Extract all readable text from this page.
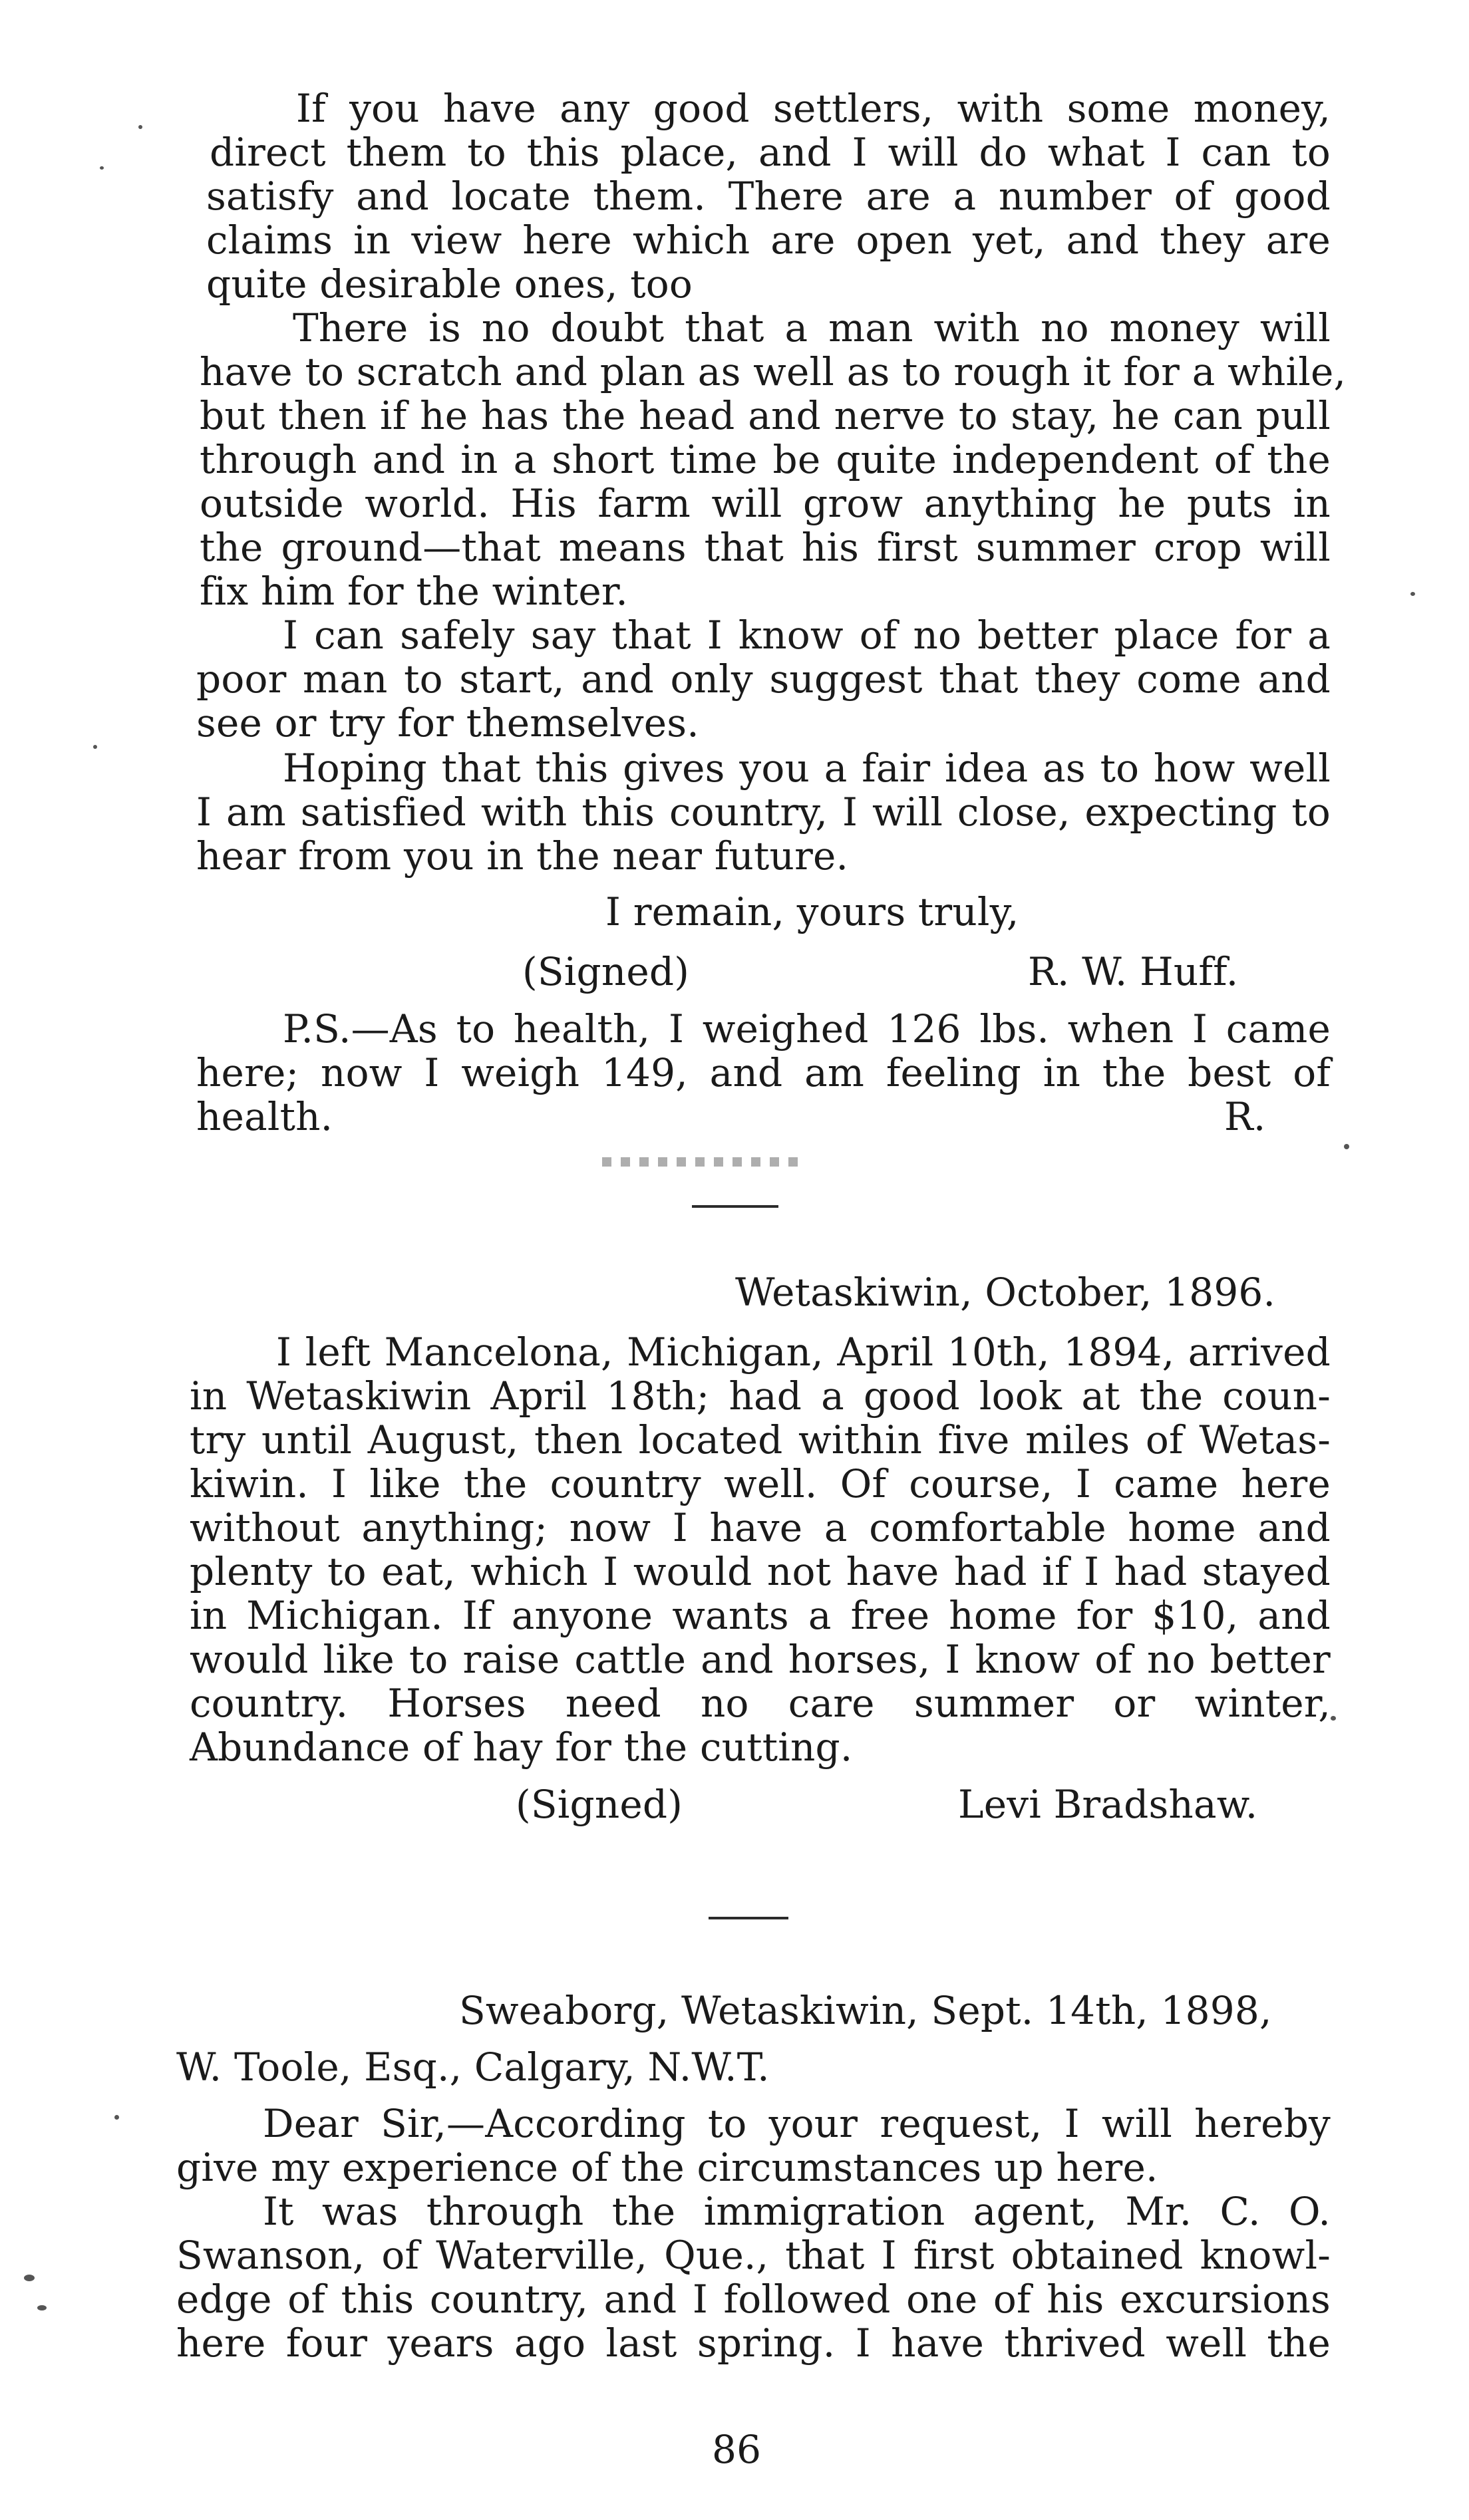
If you have any good settlers, with some money,
direct them to this place, and I will do what I can to
satisfy and locate them. There are a number of good
claims in view here which are open yet, and they are
quite desirable ones, too
There is no doubt that a man with no money will
have to scratch and plan as well as to rough it for a while,
but then if he has the head and nerve to stay, he can pull
through and in a short time be quite independent of the
outside world. His farm will grow anything he puts in
the ground—that means that his first summer crop will
fix him for the winter.
I can safely say that I know of no better place for a
poor man to start, and only suggest that they come and
see or try for themselves.
Hoping that this gives you a fair idea as to how well
I am satisfied with this country, I will close, expecting to
hear from you in the near future.
I remain, yours truly,
(Signed)	R. W. Huff.
P.S.—As to health, I weighed 126 lbs. when I came
here; now I weigh 149, and am feeling in the best of
health.	R.
Wetaskiwin, October, 1896.
I left Mancelona, Michigan, April 10th, 1894, arrived
in Wetaskiwin April 18th; had a good look at the coun-
try until August, then located within five miles of Wetas-
kiwin. I like the country well. Of course, I came here
without anything; now I have a comfortable home and
plenty to eat, which I would not have had if I had stayed
in Michigan. If anyone wants a free home for $10, and
would like to raise cattle and horses, I know of no better
country. Horses need no care summer or winter,
Abundance of hay for the cutting.
(Signed)	Levi Bradshaw.
Sweaborg, Wetaskiwin, Sept. 14th, 1898,
W. Toole, Esq., Calgary, N.W.T.
Dear Sir,—According to your request, I will hereby
give my experience of the circumstances up here.
It was through the immigration agent, Mr. C. O.
Swanson, of Waterville, Que., that I first obtained knowl-
edge of this country, and I followed one of his excursions
here four years ago last spring. I have thrived well the
86
